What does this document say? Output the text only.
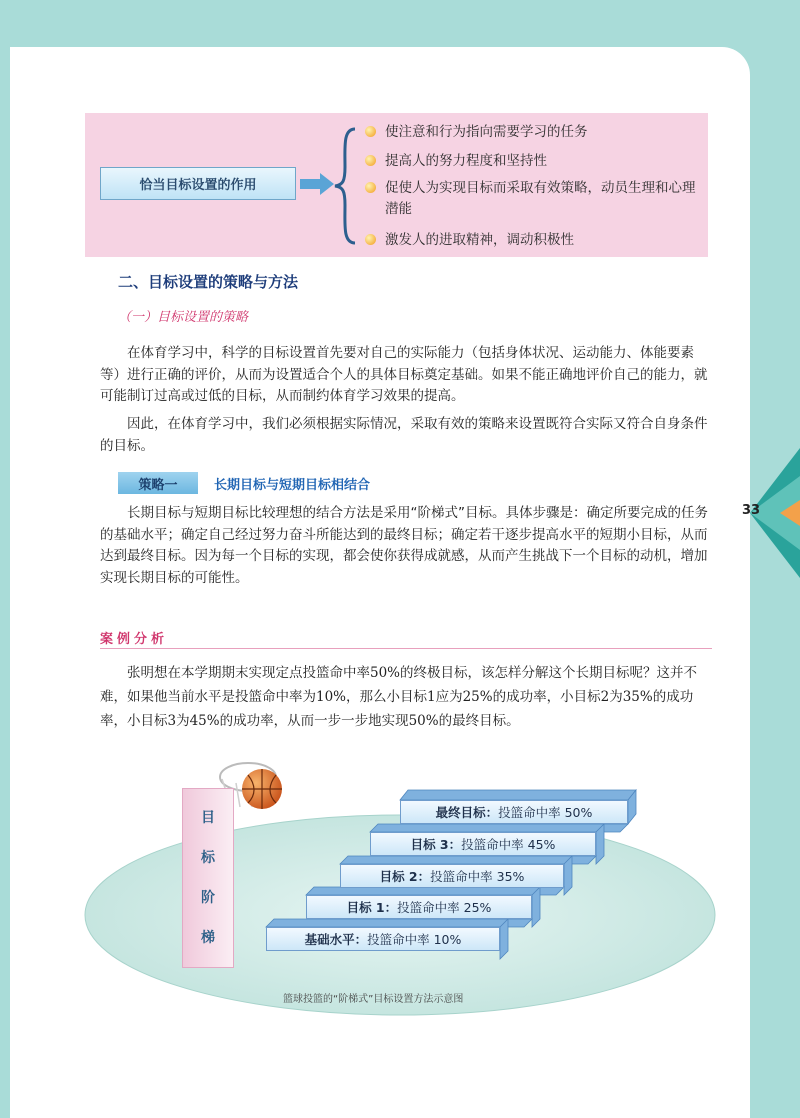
33
恰当目标设置的作用
使注意和行为指向需要学习的任务
提高人的努力程度和坚持性
促使人为实现目标而采取有效策略，动员生理和心理潜能
激发人的进取精神，调动积极性
二、目标设置的策略与方法
（一）目标设置的策略
在体育学习中，科学的目标设置首先要对自己的实际能力（包括身体状况、运动能力、体能要素等）进行正确的评价，从而为设置适合个人的具体目标奠定基础。如果不能正确地评价自己的能力，就可能制订过高或过低的目标，从而制约体育学习效果的提高。
因此，在体育学习中，我们必须根据实际情况，采取有效的策略来设置既符合实际又符合自身条件的目标。
策略一	长期目标与短期目标相结合
长期目标与短期目标比较理想的结合方法是采用“阶梯式”目标。具体步骤是：确定所要完成的任务的基础水平；确定自己经过努力奋斗所能达到的最终目标；确定若干逐步提高水平的短期小目标，从而达到最终目标。因为每一个目标的实现，都会使你获得成就感，从而产生挑战下一个目标的动机，增加实现长期目标的可能性。
案例分析
张明想在本学期期末实现定点投篮命中率50%的终极目标，该怎样分解这个长期目标呢？这并不难，如果他当前水平是投篮命中率为10%，那么小目标1应为25%的成功率，小目标2为35%的成功率，小目标3为45%的成功率，从而一步一步地实现50%的最终目标。
目
标
阶
梯
最终目标： 投篮命中率 50%
目标 3： 投篮命中率 45%
目标 2： 投篮命中率 35%
目标 1： 投篮命中率 25%
基础水平： 投篮命中率 10%
篮球投篮的“阶梯式”目标设置方法示意图
